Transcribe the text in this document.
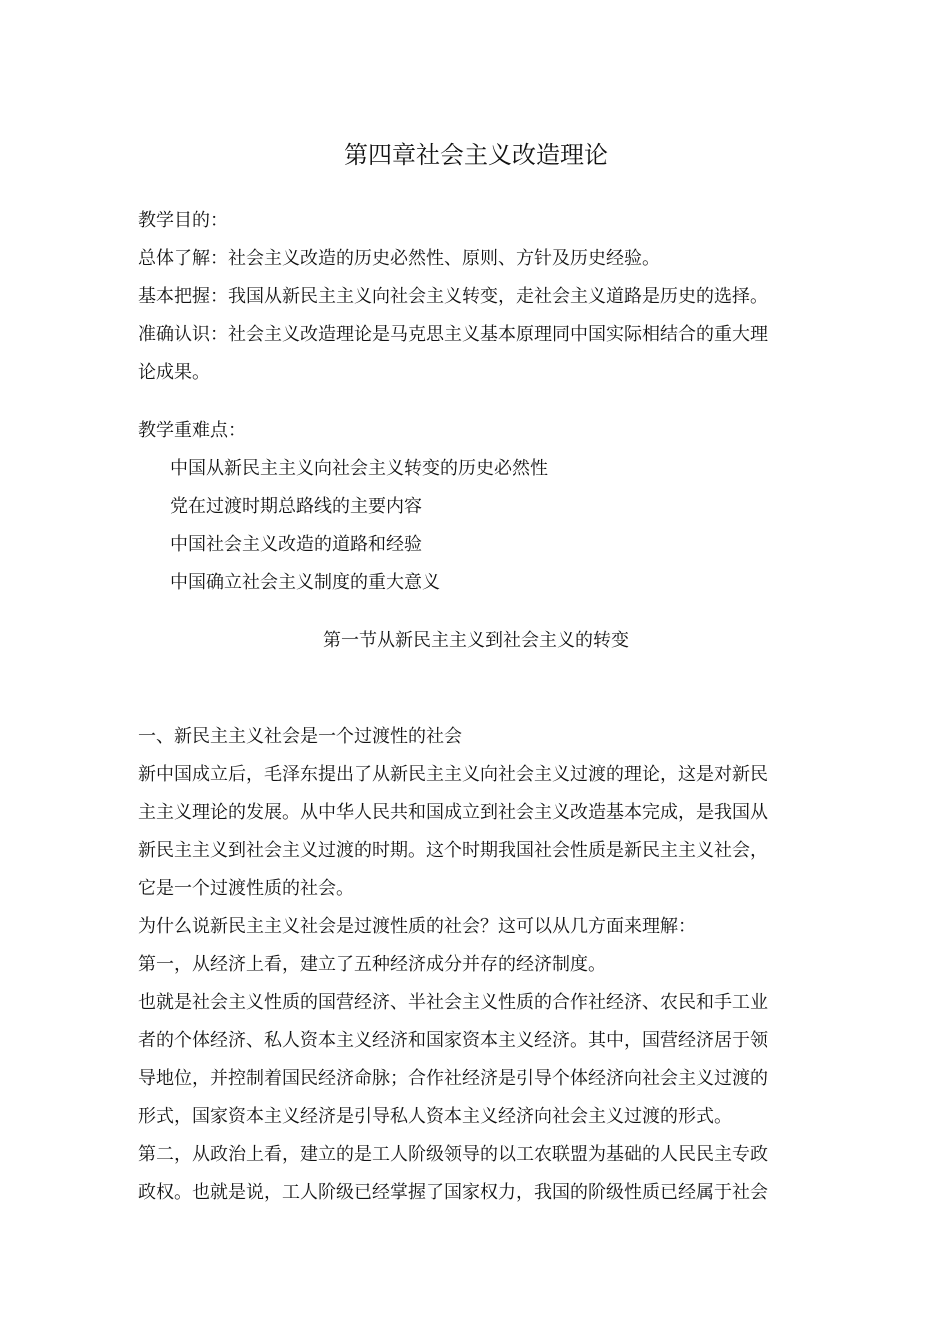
第四章社会主义改造理论
教学目的：
总体了解：社会主义改造的历史必然性、原则、方针及历史经验。
基本把握：我国从新民主主义向社会主义转变，走社会主义道路是历史的选择。
准确认识：社会主义改造理论是马克思主义基本原理同中国实际相结合的重大理
论成果。
教学重难点：
中国从新民主主义向社会主义转变的历史必然性
党在过渡时期总路线的主要内容
中国社会主义改造的道路和经验
中国确立社会主义制度的重大意义
第一节从新民主主义到社会主义的转变
一、新民主主义社会是一个过渡性的社会
新中国成立后，毛泽东提出了从新民主主义向社会主义过渡的理论，这是对新民
主主义理论的发展。从中华人民共和国成立到社会主义改造基本完成，是我国从
新民主主义到社会主义过渡的时期。这个时期我国社会性质是新民主主义社会，
它是一个过渡性质的社会。
为什么说新民主主义社会是过渡性质的社会？这可以从几方面来理解：
第一，从经济上看，建立了五种经济成分并存的经济制度。
也就是社会主义性质的国营经济、半社会主义性质的合作社经济、农民和手工业
者的个体经济、私人资本主义经济和国家资本主义经济。其中，国营经济居于领
导地位，并控制着国民经济命脉；合作社经济是引导个体经济向社会主义过渡的
形式，国家资本主义经济是引导私人资本主义经济向社会主义过渡的形式。
第二，从政治上看，建立的是工人阶级领导的以工农联盟为基础的人民民主专政
政权。也就是说，工人阶级已经掌握了国家权力，我国的阶级性质已经属于社会
